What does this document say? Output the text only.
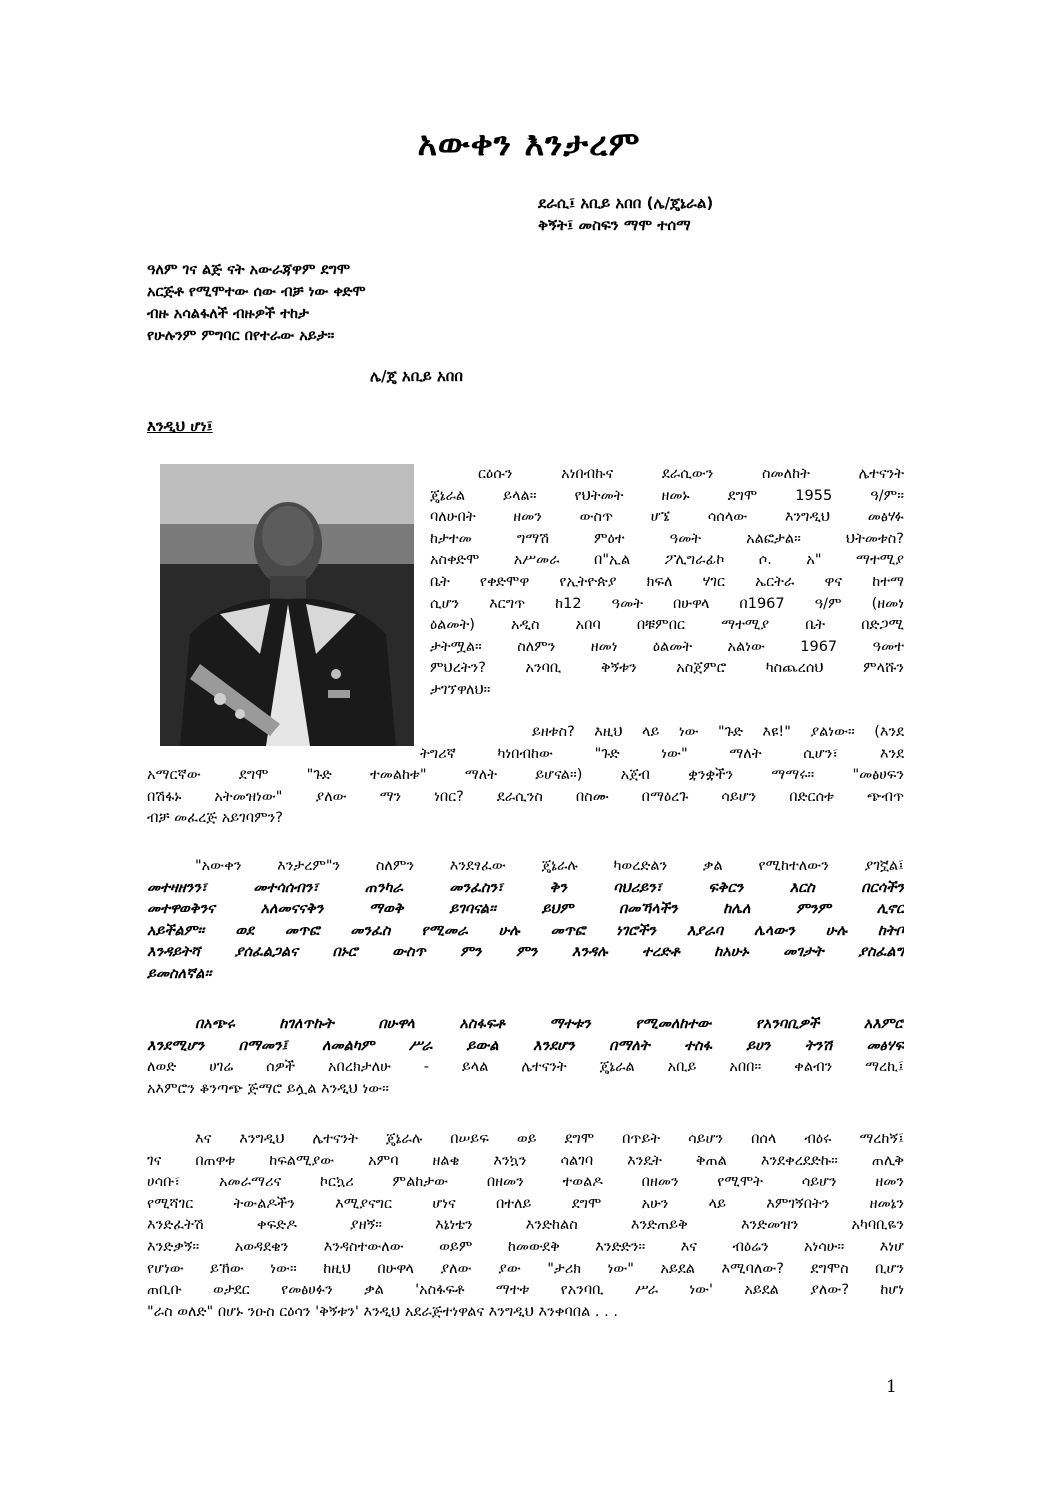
አውቀን እንታረም
ደራሲ፤ አቢይ አበበ (ሌ/ጄኔራል)
ቅኝት፤ መስፍን ማሞ ተሰማ
ዓለም ገና ልጅ ናት አውራጃዋም ደግሞ
አርጅቶ የሚሞተው ሰው ብቻ ነው ቀድሞ
ብዙ አሳልፋለች ብዙዎች ተከታ
የሁሉንም ምግባር በየተራው አይታ።
ሌ/ጄ አቢይ አበበ
እንዲህ ሆነ፤
ርዕሱን አነበብኩና ደራሲውን ስመለከት ሌተናንት
ጄኔራል ይላል። የህትመት ዘመኑ ደግሞ 1955 ዓ/ም።
ባለሁበት ዘመን ውስጥ ሆኜ ሳሰላው እንግዲህ መፅሃፉ
ከታተመ ግማሽ ምዕተ ዓመት አልፎታል። ህትመቱስ?
አስቀድሞ አሥመራ በ"ኢል ፖሊግራፊኮ ሶ. አ" ማተሚያ
ቤት የቀድሞዋ የኢትዮጵያ ክፍለ ሃገር ኤርትራ ዋና ከተማ
ሲሆን እርግጥ ከ12 ዓመት በሁዋላ በ1967 ዓ/ም (ዘመነ
ዕልመት) አዲስ አበባ በቹምበር ማተሚያ ቤት በድጋሚ
ታትሟል። ስለምን ዘመነ ዕልመት አልነው 1967 ዓመተ
ምህረትን? አንባቢ ቅኝቱን አስጀምሮ ካስጨረሰህ ምላሹን
ታገኘዋለህ።
ይዘቱስ? እዚህ ላይ ነው "ጉድ እዩ!" ያልነው። (እንደ
ትግሪኛ ካነበብከው "ጉድ ነው" ማለት ሲሆን፣ እንደ
አማርኛው ደግሞ "ጉድ ተመልከቱ" ማለት ይሆናል።) አጀብ ቋንቋችን ማማሩ። "መፅሀፍን
በሽፋኑ አትመዝነው" ያለው ማን ነበር? ደራሲንስ በስሙ በማዕረጉ ሳይሆን በድርሰቱ ጭብጥ
ብቻ መፈረጅ አይገባምን?
"አውቀን እንታረም"ን ስለምን እንደፃፈው ጄኔራሉ ካወረድልን ቃል የሚከተለውን ያገኟል፤
መተዛዘንን፣ መተሳሰብን፣ ጠንካራ መንፈስን፣ ቅን ባህሪይን፣ ፍቅርን እርስ በርሳችን
መተዋወቅንና አለመናናቅን ማወቅ ይገባናል። ይህም በመኻላችን ከሌለ ምንም ሊኖር
አይችልም። ወደ መጥፎ መንፈስ የሚመራ ሁሉ መጥፎ ነገሮችን እያራባ ሌላውን ሁሉ ከትቦ
እንዳይትሻ ያሰፈልጋልና በኑሮ ውስጥ ምን ምን እንዳሉ ተረድቶ ከአሁኑ መገታት ያስፈልግ
ይመስለኛል።
በአጭሩ ከገለጥኩት በሁዋላ አስፋፍቶ ማተቱን የሚመለከተው የአንባቢዎች አእምሮ
እንደሚሆን በማመን፤ ለመልካም ሥራ ይውል እንደሆን በማለት ተስፋ ይሀን ትንሽ መፅሃፍ
ለወድ ሀገሬ ሰዎች አበረክታለሁ - ይላል ሌተናንት ጄኔራል አቢይ አበበ። ቀልብን ማረኪ፤
አእምሮን ቆንጣጭ ጅማሮ ይሏል እንዲህ ነው።
እና እንግዲህ ሌተናንት ጄኔራሉ በሠይፍ ወይ ደግሞ በጥይት ሳይሆን በሰላ ብዕሩ ማረከኝ፤
ገና በጠዋቱ ከፍልሚያው አምባ ዘልቄ እንኳን ሳልገባ እንዴት ቅጠል እንደቀረደድኩ። ጠሊቅ
ሀሳቡ፣ አመራማሪና ኮርኳሪ ምልከታው በዘመን ተወልዶ በዘመን የሚሞት ሳይሆን ዘመን
የሚሻገር ትውልዶችን እሚያናግር ሆነና በተለይ ደግሞ አሁን ላይ እምገኝበትን ዘመኔን
እንድፈትሽ ቀፍድዶ ያዘኝ። እኔነቴን እንድከልስ እንድጠይቅ እንድመዝን አካባቢዬን
እንድቃኝ። አወዳደቄን እንዳስተውለው ወይም ከመውደቅ እንድድን። እና ብዕሬን አነሳሁ። እነሆ
የሆነው ይኸው ነው። ከዚህ በሁዋላ ያለው ያው "ታሪክ ነው" አይደል እሚባለው? ደግሞስ ቢሆን
ጠቢቡ ወታደር የመፅሀፉን ቃል 'አስፋፍቶ ማተቱ የአንባቢ ሥራ ነው' አይደል ያለው? ከሆነ
"ራስ ወለድ" በሆኑ ንዑስ ርዕሳን 'ቅኝቱን' እንዲህ አደራጅተነዋልና እንግዲህ እንቀባበል . . .
1
